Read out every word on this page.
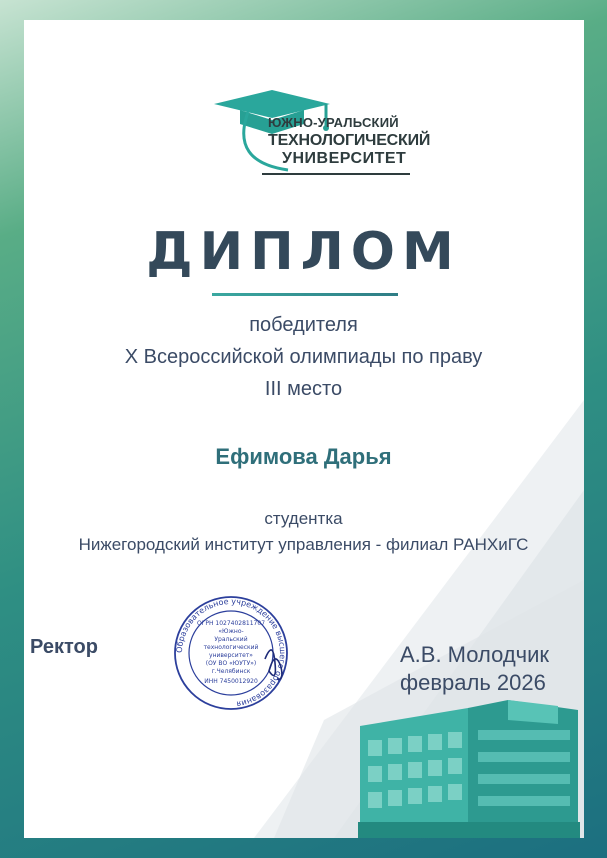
ЮЖНО-УРАЛЬСКИЙ
ТЕХНОЛОГИЧЕСКИЙ
УНИВЕРСИТЕТ
ДИПЛОМ
победителя
X Всероссийской олимпиады по праву
III место
Ефимова Дарья
студентка
Нижегородский институт управления - филиал РАНХиГС
Ректор	Образовательное учреждение высшего образования
ОГРН 1027402811707
«Южно-
Уральский
технологический
университет»
(ОУ ВО «ЮУТУ»)
г.Челябинск
ИНН 7450012920
А.В. Молодчик
февраль 2026
